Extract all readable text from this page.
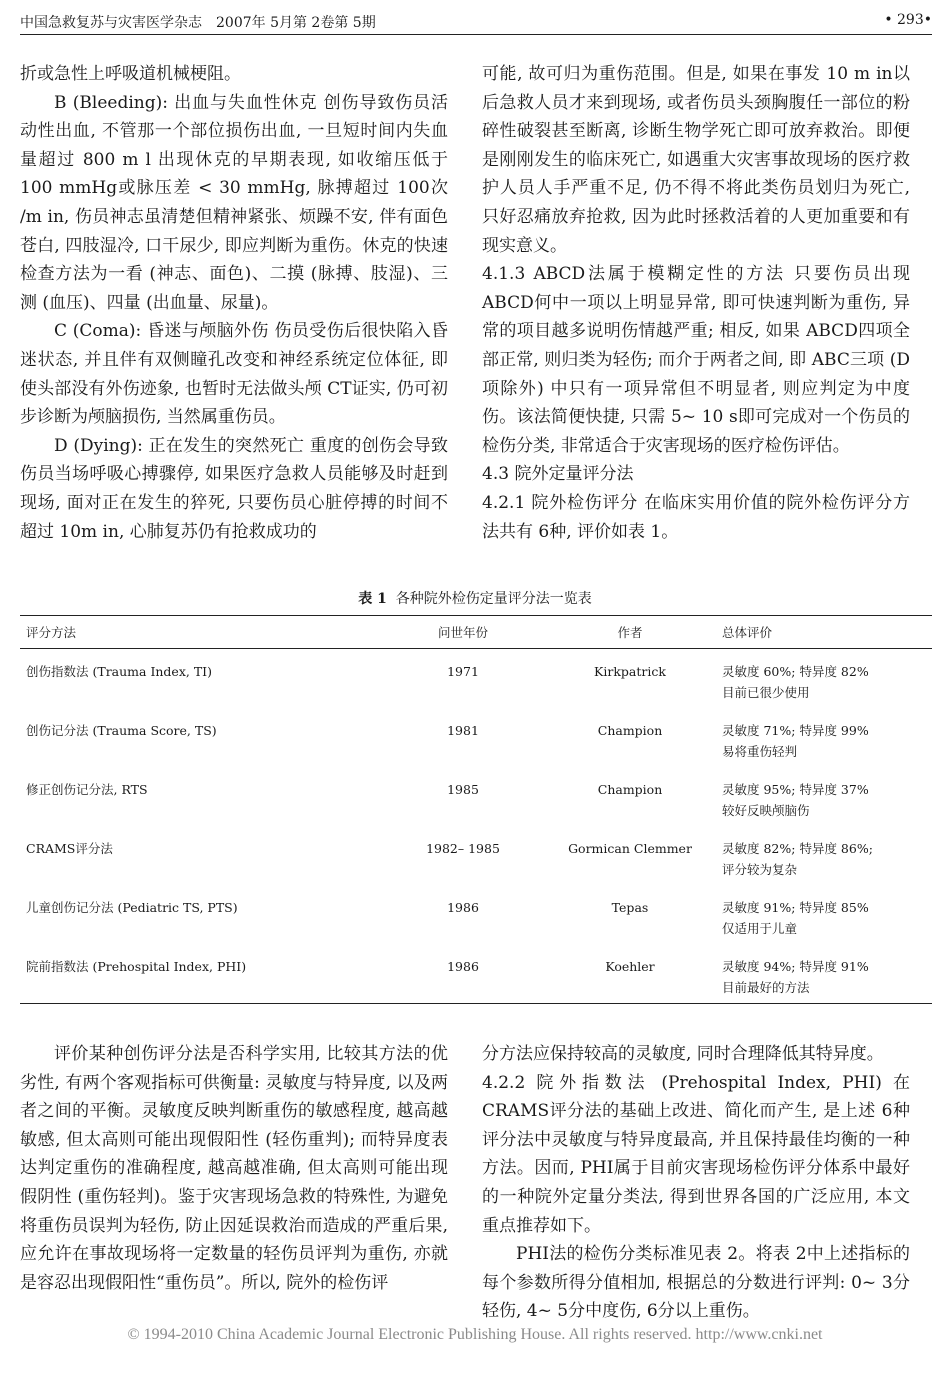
中国急救复苏与灾害医学杂志　2007年 5月第 2卷第 5期	• 293•

折或急性上呼吸道机械梗阻。

B (Bleeding): 出血与失血性休克 创伤导致伤员活动性出血, 不管那一个部位损伤出血, 一旦短时间内失血量超过 800 m l 出现休克的早期表现, 如收缩压低于 100 mmHg或脉压差 < 30 mmHg, 脉搏超过 100次 /m in, 伤员神志虽清楚但精神紧张、烦躁不安, 伴有面色苍白, 四肢湿冷, 口干尿少, 即应判断为重伤。休克的快速检查方法为一看 (神志、面色)、二摸 (脉搏、肢湿)、三测 (血压)、四量 (出血量、尿量)。

C (Coma): 昏迷与颅脑外伤 伤员受伤后很快陷入昏迷状态, 并且伴有双侧瞳孔改变和神经系统定位体征, 即使头部没有外伤迹象, 也暂时无法做头颅 CT证实, 仍可初步诊断为颅脑损伤, 当然属重伤员。

D (Dying): 正在发生的突然死亡 重度的创伤会导致伤员当场呼吸心搏骤停, 如果医疗急救人员能够及时赶到现场, 面对正在发生的猝死, 只要伤员心脏停搏的时间不超过 10m in, 心肺复苏仍有抢救成功的

可能, 故可归为重伤范围。但是, 如果在事发 10 m in以后急救人员才来到现场, 或者伤员头颈胸腹任一部位的粉碎性破裂甚至断离, 诊断生物学死亡即可放弃救治。即便是刚刚发生的临床死亡, 如遇重大灾害事故现场的医疗救护人员人手严重不足, 仍不得不将此类伤员划归为死亡, 只好忍痛放弃抢救, 因为此时拯救活着的人更加重要和有现实意义。

4.1.3 ABCD法属于模糊定性的方法 只要伤员出现 ABCD何中一项以上明显异常, 即可快速判断为重伤, 异常的项目越多说明伤情越严重; 相反, 如果 ABCD四项全部正常, 则归类为轻伤; 而介于两者之间, 即 ABC三项 (D项除外) 中只有一项异常但不明显者, 则应判定为中度伤。该法简便快捷, 只需 5~ 10 s即可完成对一个伤员的检伤分类, 非常适合于灾害现场的医疗检伤评估。

4.3 院外定量评分法

4.2.1 院外检伤评分 在临床实用价值的院外检伤评分方法共有 6种, 评价如表 1。

表 1 各种院外检伤定量评分法一览表
评分方法	问世年份	作者	总体评价

创伤指数法 (Trauma Index, TI)	1971	Kirkpatrick	灵敏度 60%; 特异度 82%
目前已很少使用

创伤记分法 (Trauma Score, TS)	1981	Champion	灵敏度 71%; 特异度 99%
易将重伤轻判

修正创伤记分法, RTS	1985	Champion	灵敏度 95%; 特异度 37%
较好反映颅脑伤

CRAMS评分法	1982– 1985	Gormican Clemmer	灵敏度 82%; 特异度 86%;
评分较为复杂

儿童创伤记分法 (Pediatric TS, PTS)	1986	Tepas	灵敏度 91%; 特异度 85%
仅适用于儿童

院前指数法 (Prehospital Index, PHI)	1986	Koehler	灵敏度 94%; 特异度 91%
目前最好的方法

评价某种创伤评分法是否科学实用, 比较其方法的优劣性, 有两个客观指标可供衡量: 灵敏度与特异度, 以及两者之间的平衡。灵敏度反映判断重伤的敏感程度, 越高越敏感, 但太高则可能出现假阳性 (轻伤重判); 而特异度表达判定重伤的准确程度, 越高越准确, 但太高则可能出现假阴性 (重伤轻判)。鉴于灾害现场急救的特殊性, 为避免将重伤员误判为轻伤, 防止因延误救治而造成的严重后果, 应允许在事故现场将一定数量的轻伤员评判为重伤, 亦就是容忍出现假阳性“重伤员”。所以, 院外的检伤评

分方法应保持较高的灵敏度, 同时合理降低其特异度。

4.2.2 院外指数法 (Prehospital Index, PHI) 在 CRAMS评分法的基础上改进、简化而产生, 是上述 6种评分法中灵敏度与特异度最高, 并且保持最佳均衡的一种方法。因而, PHI属于目前灾害现场检伤评分体系中最好的一种院外定量分类法, 得到世界各国的广泛应用, 本文重点推荐如下。

PHI法的检伤分类标准见表 2。将表 2中上述指标的每个参数所得分值相加, 根据总的分数进行评判: 0~ 3分轻伤, 4~ 5分中度伤, 6分以上重伤。

© 1994-2010 China Academic Journal Electronic Publishing House. All rights reserved. http://www.cnki.net
